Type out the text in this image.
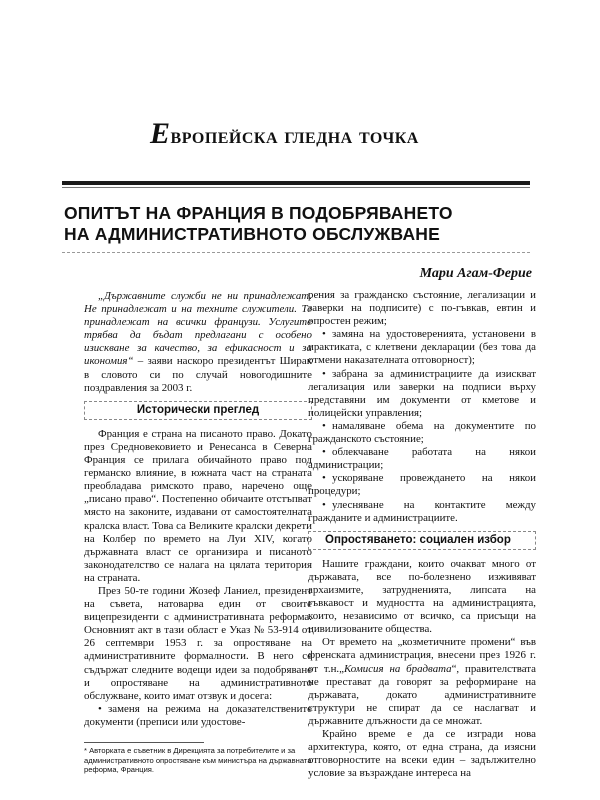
Европейска гледна точка
ОПИТЪТ НА ФРАНЦИЯ В ПОДОБРЯВАНЕТО
НА АДМИНИСТРАТИВНОТО ОБСЛУЖВАНЕ
Мари Агам-Ферие

„Държавните служби не ни принадлежат. Не принадлежат и на техните служители. Те принадлежат на всички французи. Услугите трябва да бъдат предлагани с особено изискване за качество, за ефикасност и за икономия“ – заяви наскоро президентът Ширак в словото си по случай новогодишните поздравления за 2003 г.

Исторически преглед

Франция е страна на писаното право. Докато през Средновековието и Ренесанса в Северна Франция се прилага обичайното право под германско влияние, в южната част на страната преобладава римското право, наречено още „писано право“. Постепенно обичаите отстъпват място на законите, издавани от самостоятелната кралска власт. Това са Великите кралски декрети на Колбер по времето на Луи XIV, когато държавната власт се организира и писаното законодателство се налага на цялата територия на страната.

През 50-те години Жозеф Ланиел, президент на съвета, натоварва един от своите вицепрезиденти с административната реформа. Основният акт в тази област е Указ № 53-914 от 26 септември 1953 г. за опростяване на административните формалности. В него се съдържат следните водещи идеи за подобряване и опростяване на административното обслужване, които имат отзвук и досега:

• заменя на режима на доказателствените документи (преписи или удостове-

рения за гражданско състояние, легализации и заверки на подписите) с по-гъвкав, евтин и опростен режим;

• замяна на удостоверенията, установени в практиката, с клетвени декларации (без това да отмени наказателната отговорност);
• забрана за администрациите да изискват легализация или заверки на подписи върху представяни им документи от кметове и полицейски управления;
• намаляване обема на документите по гражданското състояние;
• облекчаване работата на някои администрации;
• ускоряване провеждането на някои процедури;
• улесняване на контактите между гражданите и администрациите.
Опростяването: социален избор

Нашите граждани, които очакват много от държавата, все по-болезнено изживяват архаизмите, затрудненията, липсата на гъвкавост и мудността на администрацията, които, независимо от всичко, са присъщи на цивилизованите общества.

От времето на „козметичните промени“ във френската администрация, внесени през 1926 г. от т.н.„Комисия на брадвата“, правителствата не престават да говорят за реформиране на държавата, докато административните структури не спират да се наслагват и държавните длъжности да се множат.

Крайно време е да се изгради нова архитектура, която, от една страна, да изясни отговорностите на всеки един – задължително условие за възраждане интереса на

* Авторката е съветник в Дирекцията за потребителите и за административното опростяване към министъра на държавната реформа, Франция.
